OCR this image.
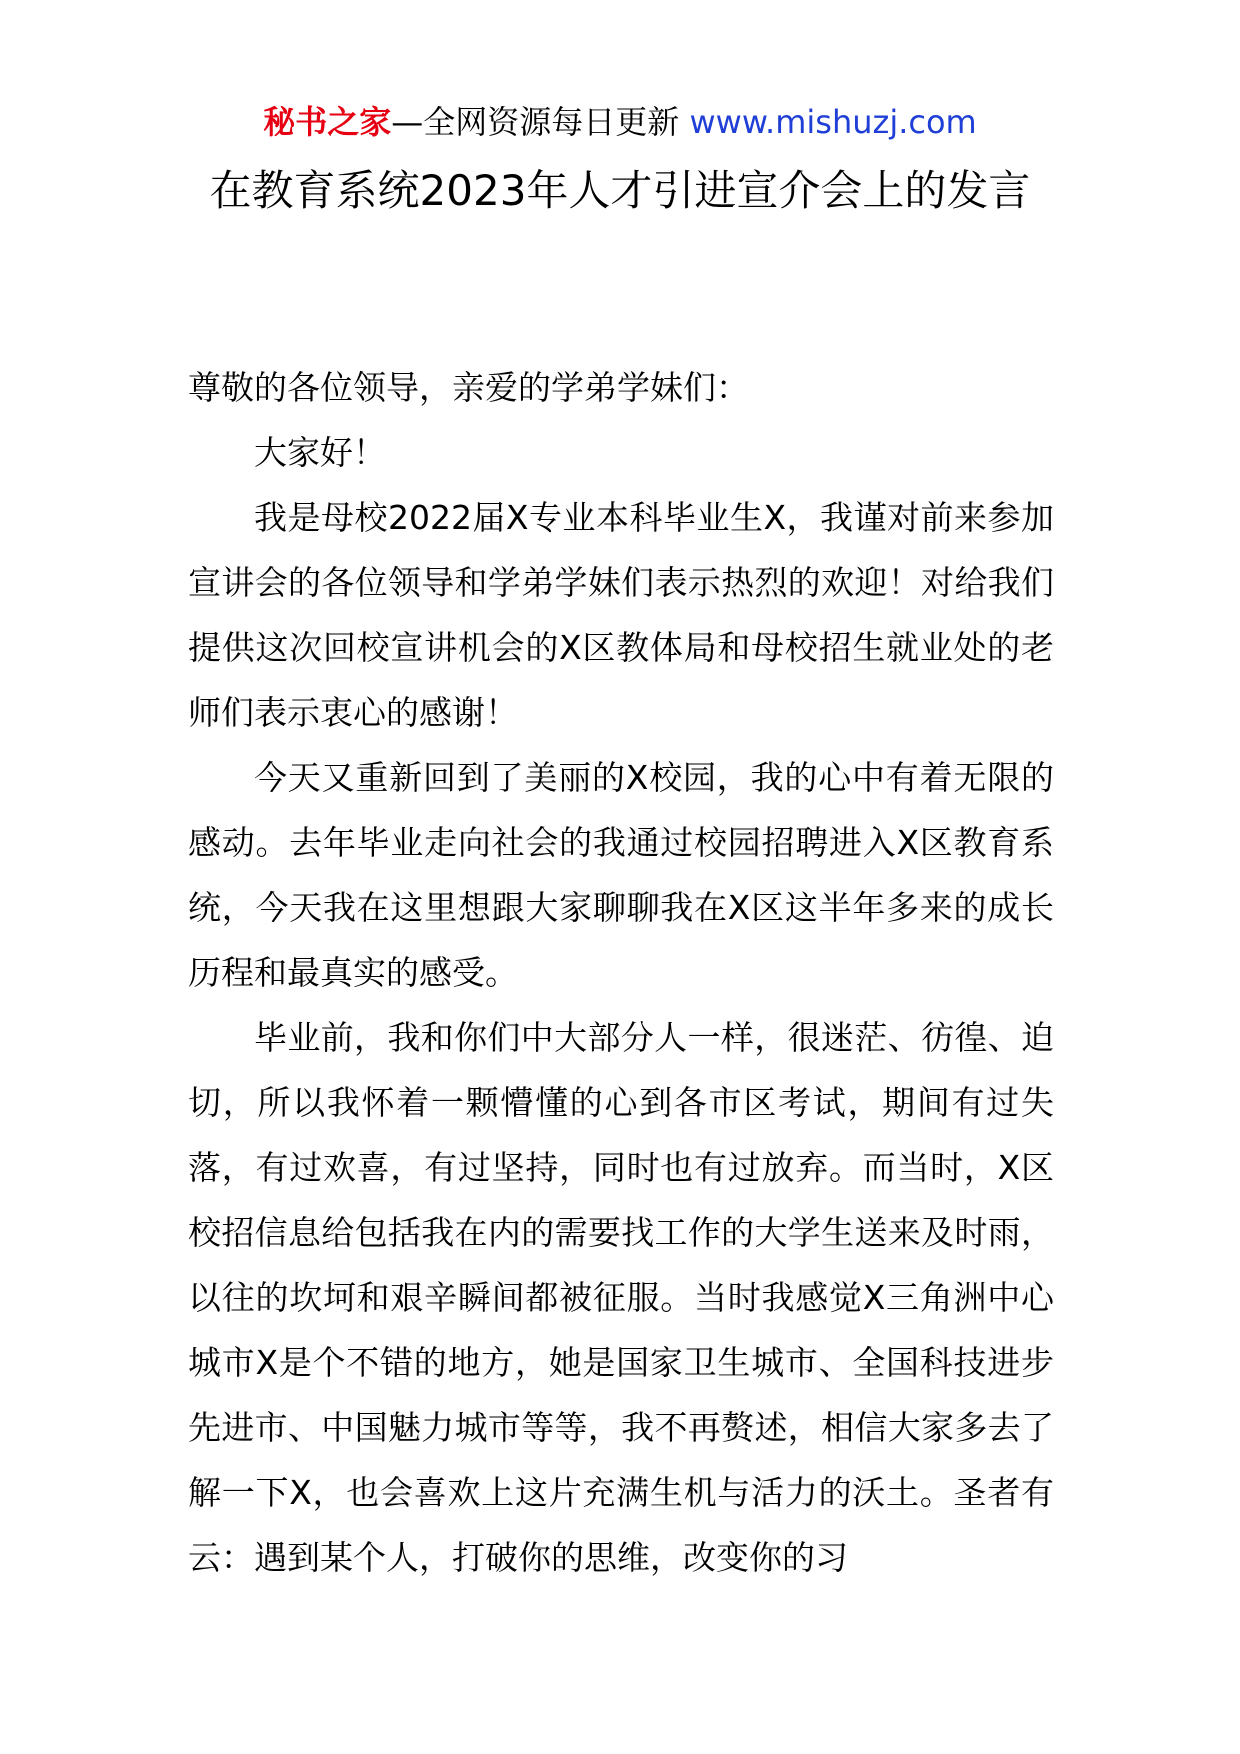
秘书之家—全网资源每日更新 www.mishuzj.com
在教育系统2023年人才引进宣介会上的发言

尊敬的各位领导，亲爱的学弟学妹们：

大家好！

我是母校2022届X专业本科毕业生X，我谨对前来参加宣讲会的各位领导和学弟学妹们表示热烈的欢迎！对给我们提供这次回校宣讲机会的X区教体局和母校招生就业处的老师们表示衷心的感谢！

今天又重新回到了美丽的X校园，我的心中有着无限的感动。去年毕业走向社会的我通过校园招聘进入X区教育系统，今天我在这里想跟大家聊聊我在X区这半年多来的成长历程和最真实的感受。

毕业前，我和你们中大部分人一样，很迷茫、彷徨、迫切，所以我怀着一颗懵懂的心到各市区考试，期间有过失落，有过欢喜，有过坚持，同时也有过放弃。而当时，X区校招信息给包括我在内的需要找工作的大学生送来及时雨，以往的坎坷和艰辛瞬间都被征服。当时我感觉X三角洲中心城市X是个不错的地方，她是国家卫生城市、全国科技进步先进市、中国魅力城市等等，我不再赘述，相信大家多去了解一下X，也会喜欢上这片充满生机与活力的沃土。圣者有云：遇到某个人，打破你的思维，改变你的习
